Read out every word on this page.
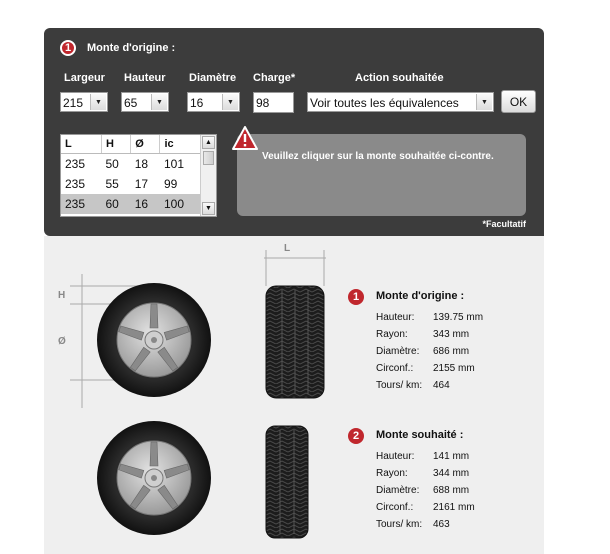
1	Monte d'origine :
Largeur Hauteur Diamètre Charge*	Action souhaitée
215	▼	65	▼	16	▼	98	Voir toutes les équivalences	▼	OK
L	H	Ø	ic
235	50	18	101
235	55	17	99
235	60	16	100
▲
▼
Veuillez cliquer sur la monte souhaitée ci-contre.
*Facultatif
L
H
Ø
1	Monte d'origine :
Hauteur: 139.75 mm
Rayon:	343 mm
Diamètre: 686 mm
Circonf.: 2155 mm
Tours/ km: 464
2	Monte souhaité :
Hauteur: 141 mm
Rayon:	344 mm
Diamètre: 688 mm
Circonf.: 2161 mm
Tours/ km: 463
